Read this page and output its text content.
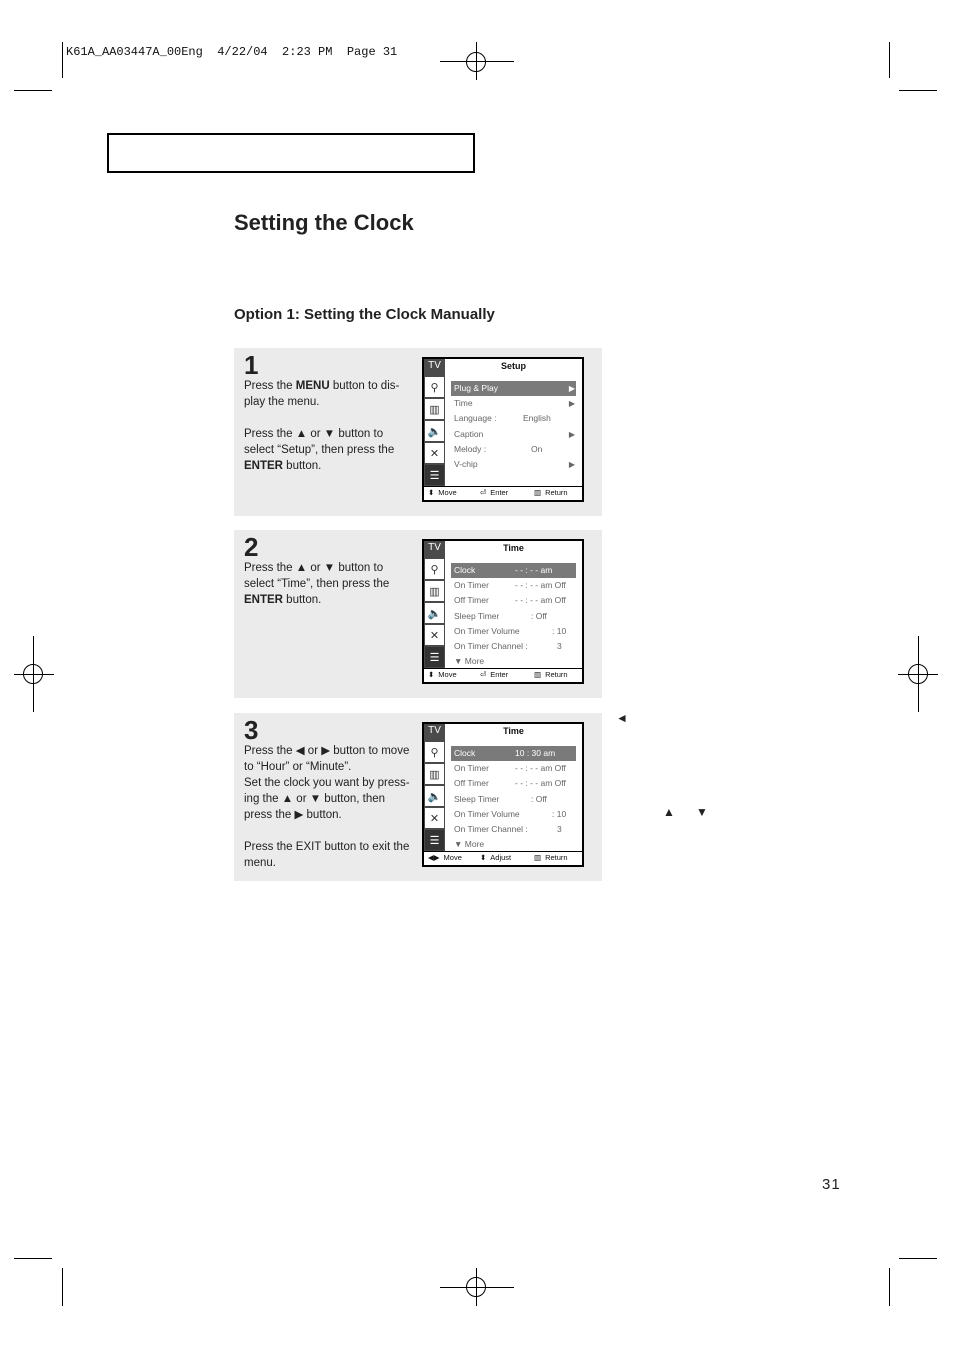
K61A_AA03447A_00Eng  4/22/04  2:23 PM  Page 31
Setting the Clock
Option 1: Setting the Clock Manually
1

Press the MENU button to dis-play the menu.

Press the ▲ or ▼ button to select “Setup”, then press the ENTER button.

TV
⚲
▥
🔈
✕
☰
Setup
Plug & Play	▶
Time	▶
Language :	English
Caption	▶
Melody :	On
V-chip	▶
⬍ Move	⏎ Enter	▥ Return
2

Press the ▲ or ▼ button to select “Time”, then press the ENTER button.

TV
⚲
▥
🔈
✕
☰
Time
Clock	- - : - - am
On Timer	- - : - - am Off
Off Timer	- - : - - am Off
Sleep Timer	: Off
On Timer Volume	: 10
On Timer Channel :	3
▼ More
⬍ Move	⏎ Enter	▥ Return
3

Press the ◀ or ▶ button to move to “Hour” or “Minute”.
Set the clock you want by press-ing the ▲ or ▼ button, then press the ▶ button.

Press the EXIT button to exit the menu.

TV
⚲
▥
🔈
✕
☰
Time
Clock	10 : 30 am
On Timer	- - : - - am Off
Off Timer	- - : - - am Off
Sleep Timer	: Off
On Timer Volume	: 10
On Timer Channel :	3
▼ More
◀▶ Move ⬍ Adjust	▥ Return
◄
▲ ▼
31
